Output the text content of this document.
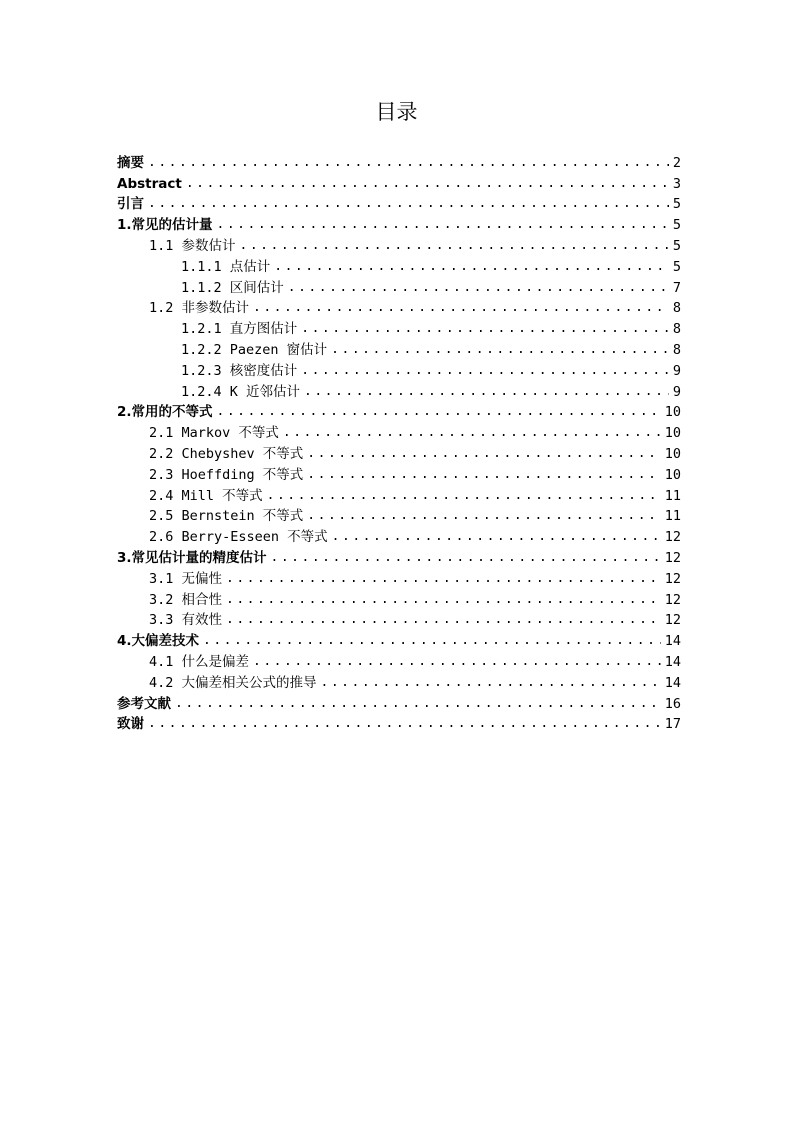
目录
摘要 .....	2
Abstract .....	3
引言 .....	5
1.常见的估计量 .....	5
1.1 参数估计 .....	5
1.1.1 点估计 .....	5
1.1.2 区间估计 .....	7
1.2 非参数估计 .....	8
1.2.1 直方图估计 .....	8
1.2.2 Paezen 窗估计 .....	8
1.2.3 核密度估计 .....	9
1.2.4 K 近邻估计 .....	9
2.常用的不等式 .....	10
2.1 Markov 不等式 .....	10
2.2 Chebyshev 不等式 .....	10
2.3 Hoeffding 不等式 .....	10
2.4 Mill 不等式 .....	11
2.5 Bernstein 不等式 .....	11
2.6 Berry-Esseen 不等式 .....	12
3.常见估计量的精度估计 .....	12
3.1 无偏性 .....	12
3.2 相合性 .....	12
3.3 有效性 .....	12
4.大偏差技术 .....	14
4.1 什么是偏差 .....	14
4.2 大偏差相关公式的推导 .....	14
参考文献 .....	16
致谢 .....	17
